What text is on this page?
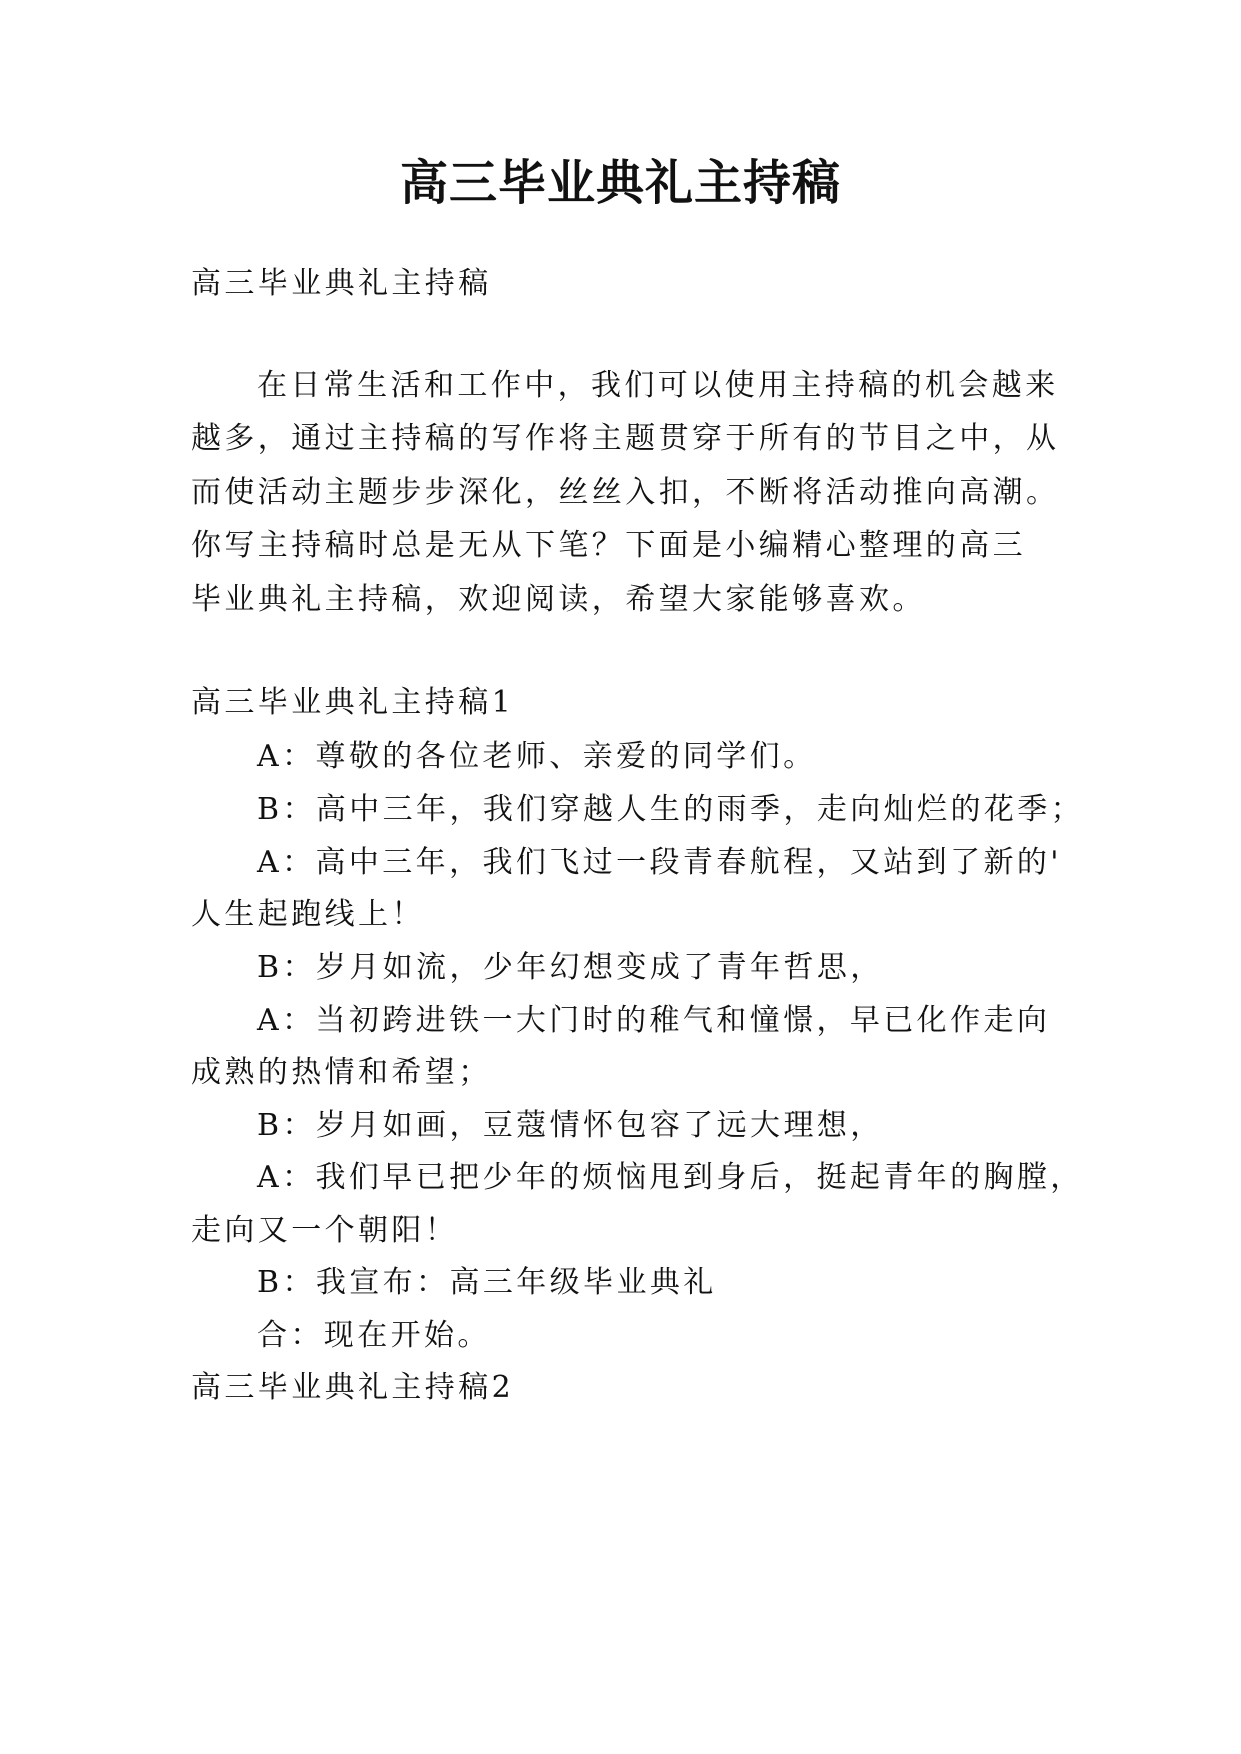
高三毕业典礼主持稿
高三毕业典礼主持稿
在日常生活和工作中，我们可以使用主持稿的机会越来
越多，通过主持稿的写作将主题贯穿于所有的节目之中，从
而使活动主题步步深化，丝丝入扣，不断将活动推向高潮。
你写主持稿时总是无从下笔？下面是小编精心整理的高三
毕业典礼主持稿，欢迎阅读，希望大家能够喜欢。
高三毕业典礼主持稿1
A：尊敬的各位老师、亲爱的同学们。
B：高中三年，我们穿越人生的雨季，走向灿烂的花季；
A：高中三年，我们飞过一段青春航程，又站到了新的'
人生起跑线上！
B：岁月如流，少年幻想变成了青年哲思，
A：当初跨进铁一大门时的稚气和憧憬，早已化作走向
成熟的热情和希望；
B：岁月如画，豆蔻情怀包容了远大理想，
A：我们早已把少年的烦恼甩到身后，挺起青年的胸膛，
走向又一个朝阳！
B：我宣布：高三年级毕业典礼
合：现在开始。
高三毕业典礼主持稿2
